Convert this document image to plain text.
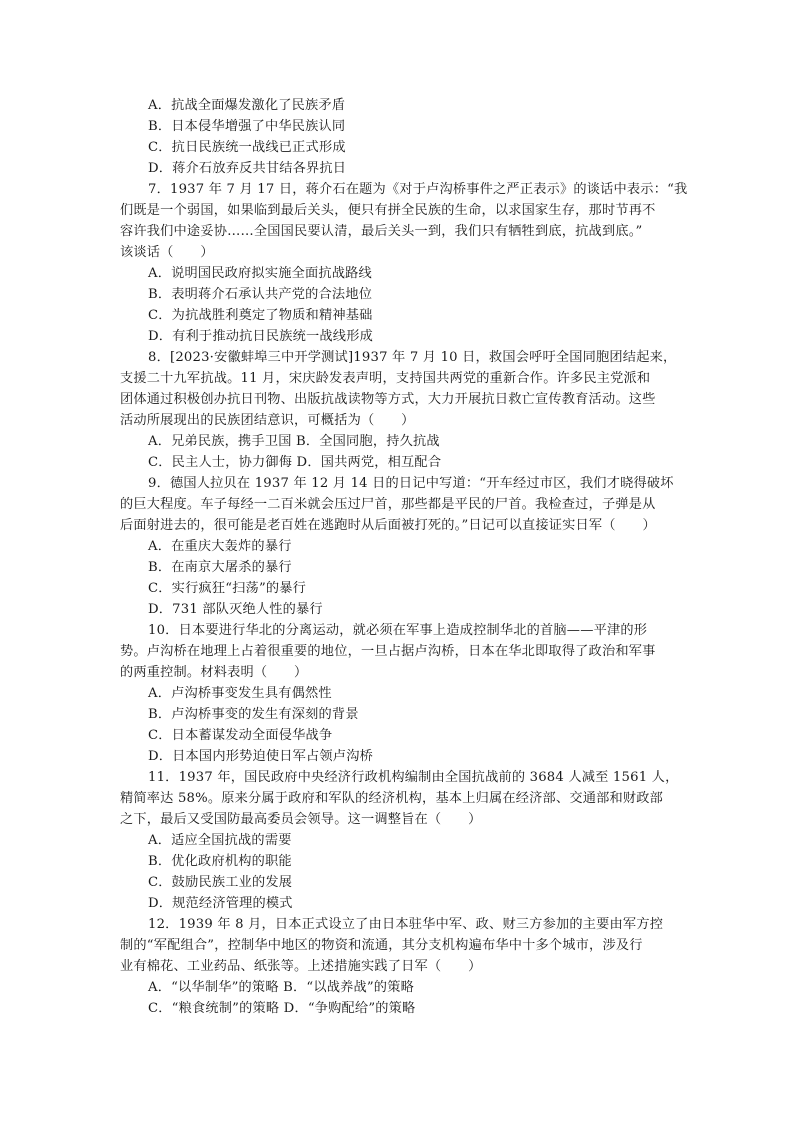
A．抗战全面爆发激化了民族矛盾
B．日本侵华增强了中华民族认同
C．抗日民族统一战线已正式形成
D．蒋介石放弃反共甘结各界抗日
7．1937 年 7 月 17 日，蒋介石在题为《对于卢沟桥事件之严正表示》的谈话中表示：“我
们既是一个弱国，如果临到最后关头，便只有拼全民族的生命，以求国家生存，那时节再不
容许我们中途妥协……全国国民要认清，最后关头一到，我们只有牺牲到底，抗战到底。”
该谈话（　　）
A．说明国民政府拟实施全面抗战路线
B．表明蒋介石承认共产党的合法地位
C．为抗战胜利奠定了物质和精神基础
D．有利于推动抗日民族统一战线形成
8．[2023·安徽蚌埠三中开学测试]1937 年 7 月 10 日，救国会呼吁全国同胞团结起来，
支援二十九军抗战。11 月，宋庆龄发表声明，支持国共两党的重新合作。许多民主党派和
团体通过积极创办抗日刊物、出版抗战读物等方式，大力开展抗日救亡宣传教育活动。这些
活动所展现出的民族团结意识，可概括为（　　）
A．兄弟民族，携手卫国 B．全国同胞，持久抗战
C．民主人士，协力御侮 D．国共两党，相互配合
9．德国人拉贝在 1937 年 12 月 14 日的日记中写道：“开车经过市区，我们才晓得破坏
的巨大程度。车子每经一二百米就会压过尸首，那些都是平民的尸首。我检查过，子弹是从
后面射进去的，很可能是老百姓在逃跑时从后面被打死的。”日记可以直接证实日军（　　）
A．在重庆大轰炸的暴行
B．在南京大屠杀的暴行
C．实行疯狂“扫荡”的暴行
D．731 部队灭绝人性的暴行
10．日本要进行华北的分离运动，就必须在军事上造成控制华北的首脑——平津的形
势。卢沟桥在地理上占着很重要的地位，一旦占据卢沟桥，日本在华北即取得了政治和军事
的两重控制。材料表明（　　）
A．卢沟桥事变发生具有偶然性
B．卢沟桥事变的发生有深刻的背景
C．日本蓄谋发动全面侵华战争
D．日本国内形势迫使日军占领卢沟桥
11．1937 年，国民政府中央经济行政机构编制由全国抗战前的 3684 人减至 1561 人，
精简率达 58%。原来分属于政府和军队的经济机构，基本上归属在经济部、交通部和财政部
之下，最后又受国防最高委员会领导。这一调整旨在（　　）
A．适应全国抗战的需要
B．优化政府机构的职能
C．鼓励民族工业的发展
D．规范经济管理的模式
12．1939 年 8 月，日本正式设立了由日本驻华中军、政、财三方参加的主要由军方控
制的“军配组合”，控制华中地区的物资和流通，其分支机构遍布华中十多个城市，涉及行
业有棉花、工业药品、纸张等。上述措施实践了日军（　　）
A．“以华制华”的策略 B．“以战养战”的策略
C．“粮食统制”的策略 D．“争购配给”的策略
